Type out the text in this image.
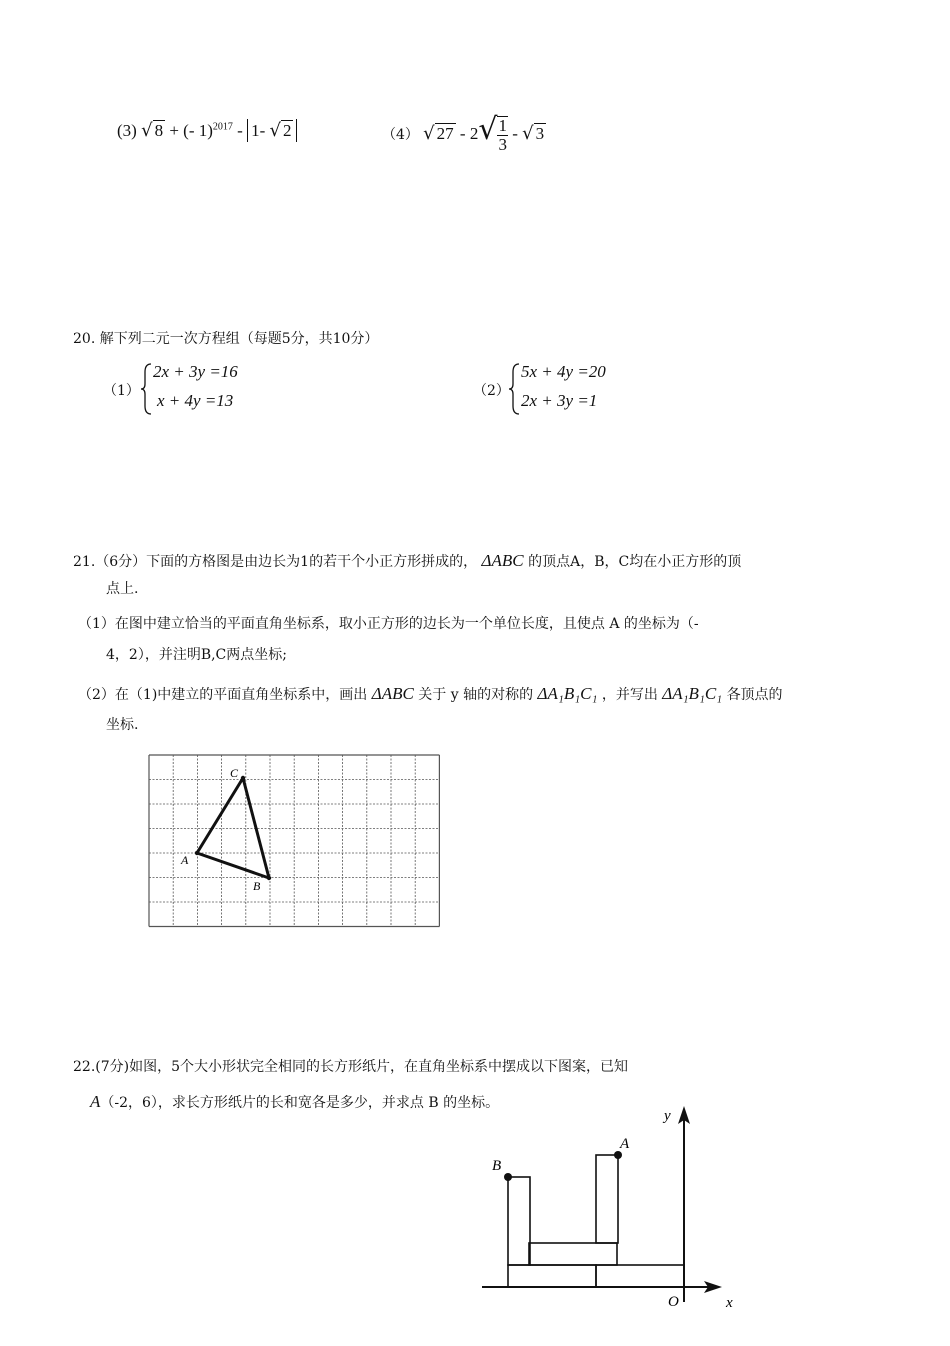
(3) √ 8 + (- 1)$^{2017}$ - 1- √ 2	（4） √ $27 - 2√ \frac{1}{3}$ - √ 3
20. 解下列二元一次方程组（每题5分，共10分）
（1）
2x + 3y =16
x + 4y =13	（2）
5x + 4y =20
2x + 3y =1
21.（6分）下面的方格图是由边长为1的若干个小正方形拼成的， ΔABC 的顶点A，B，C均在小正方形的顶
点上.
（1）在图中建立恰当的平面直角坐标系，取小正方形的边长为一个单位长度，且使点 A 的坐标为（-
4，2），并注明B,C两点坐标;
（2）在（1)中建立的平面直角坐标系中，画出 ΔABC 关于 y 轴的对称的 ΔA₁B₁C₁ ，并写出 ΔA₁B₁C₁ 各顶点的
坐标.
A
B
C
22.(7分)如图，5个大小形状完全相同的长方形纸片，在直角坐标系中摆成以下图案，已知
A（-2，6），求长方形纸片的长和宽各是多少，并求点 B 的坐标。
x
y
O
B
A
